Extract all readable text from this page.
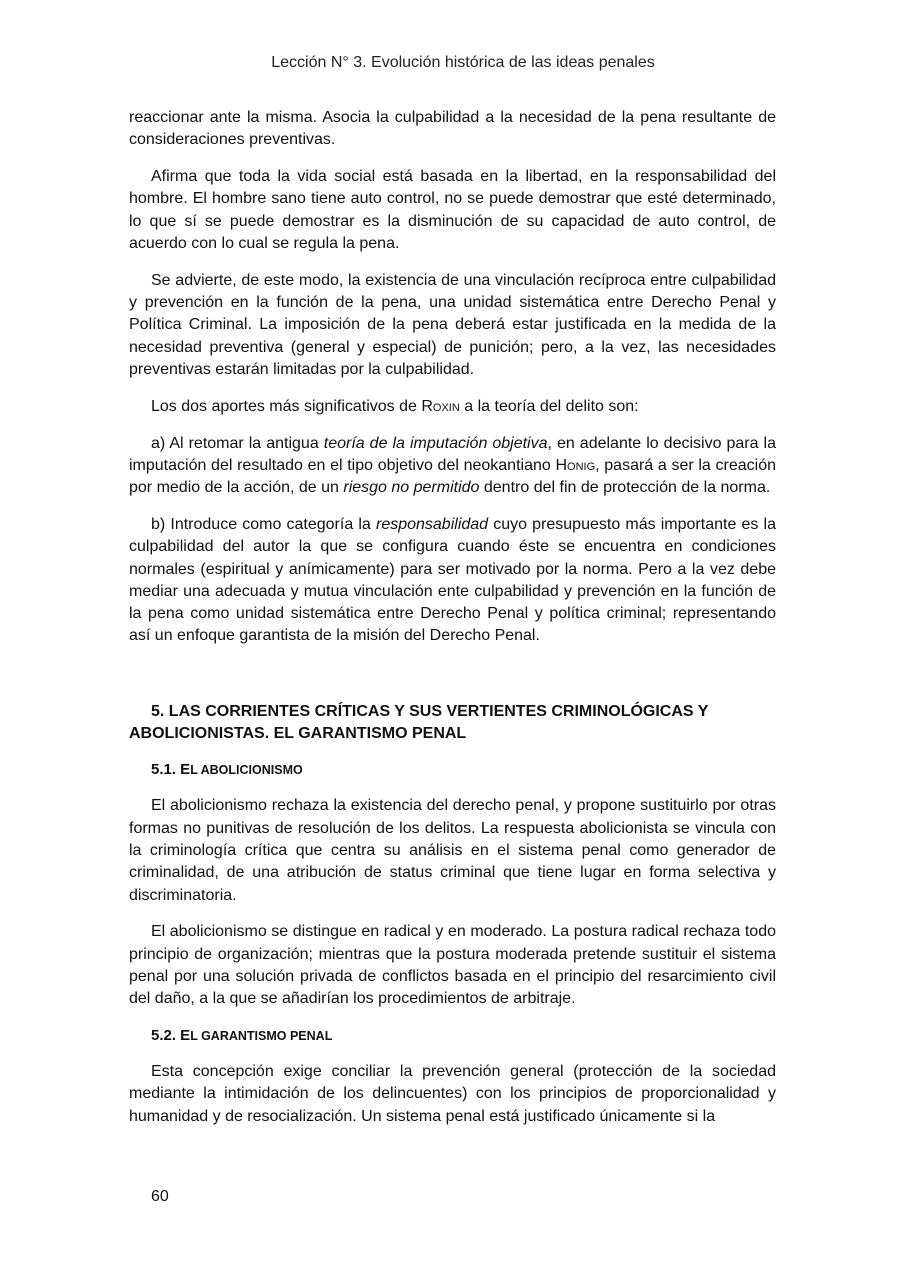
Lección N° 3. Evolución histórica de las ideas penales

reaccionar ante la misma. Asocia la culpabilidad a la necesidad de la pena resultante de consideraciones preventivas.

Afirma que toda la vida social está basada en la libertad, en la responsabilidad del hombre. El hombre sano tiene auto control, no se puede demostrar que esté determinado, lo que sí se puede demostrar es la disminución de su capacidad de auto control, de acuerdo con lo cual se regula la pena.

Se advierte, de este modo, la existencia de una vinculación recíproca entre culpabilidad y prevención en la función de la pena, una unidad sistemática entre Derecho Penal y Política Criminal. La imposición de la pena deberá estar justificada en la medida de la necesidad preventiva (general y especial) de punición; pero, a la vez, las necesidades preventivas estarán limitadas por la culpabilidad.

Los dos aportes más significativos de Roxin a la teoría del delito son:

a) Al retomar la antigua teoría de la imputación objetiva, en adelante lo decisivo para la imputación del resultado en el tipo objetivo del neokantiano Honig, pasará a ser la creación por medio de la acción, de un riesgo no permitido dentro del fin de protección de la norma.

b) Introduce como categoría la responsabilidad cuyo presupuesto más importante es la culpabilidad del autor la que se configura cuando éste se encuentra en condiciones normales (espiritual y anímicamente) para ser motivado por la norma. Pero a la vez debe mediar una adecuada y mutua vinculación ente culpabilidad y prevención en la función de la pena como unidad sistemática entre Derecho Penal y política criminal; representando así un enfoque garantista de la misión del Derecho Penal.

5. LAS CORRIENTES CRÍTICAS Y SUS VERTIENTES CRIMINOLÓGICAS Y ABOLICIONISTAS. EL GARANTISMO PENAL
5.1. EL ABOLICIONISMO

El abolicionismo rechaza la existencia del derecho penal, y propone sustituirlo por otras formas no punitivas de resolución de los delitos. La respuesta abolicionista se vincula con la criminología crítica que centra su análisis en el sistema penal como generador de criminalidad, de una atribución de status criminal que tiene lugar en forma selectiva y discriminatoria.

El abolicionismo se distingue en radical y en moderado. La postura radical rechaza todo principio de organización; mientras que la postura moderada pretende sustituir el sistema penal por una solución privada de conflictos basada en el principio del resarcimiento civil del daño, a la que se añadirían los procedimientos de arbitraje.

5.2. EL GARANTISMO PENAL

Esta concepción exige conciliar la prevención general (protección de la sociedad mediante la intimidación de los delincuentes) con los principios de proporcionalidad y humanidad y de resocialización. Un sistema penal está justificado únicamente si la

60
